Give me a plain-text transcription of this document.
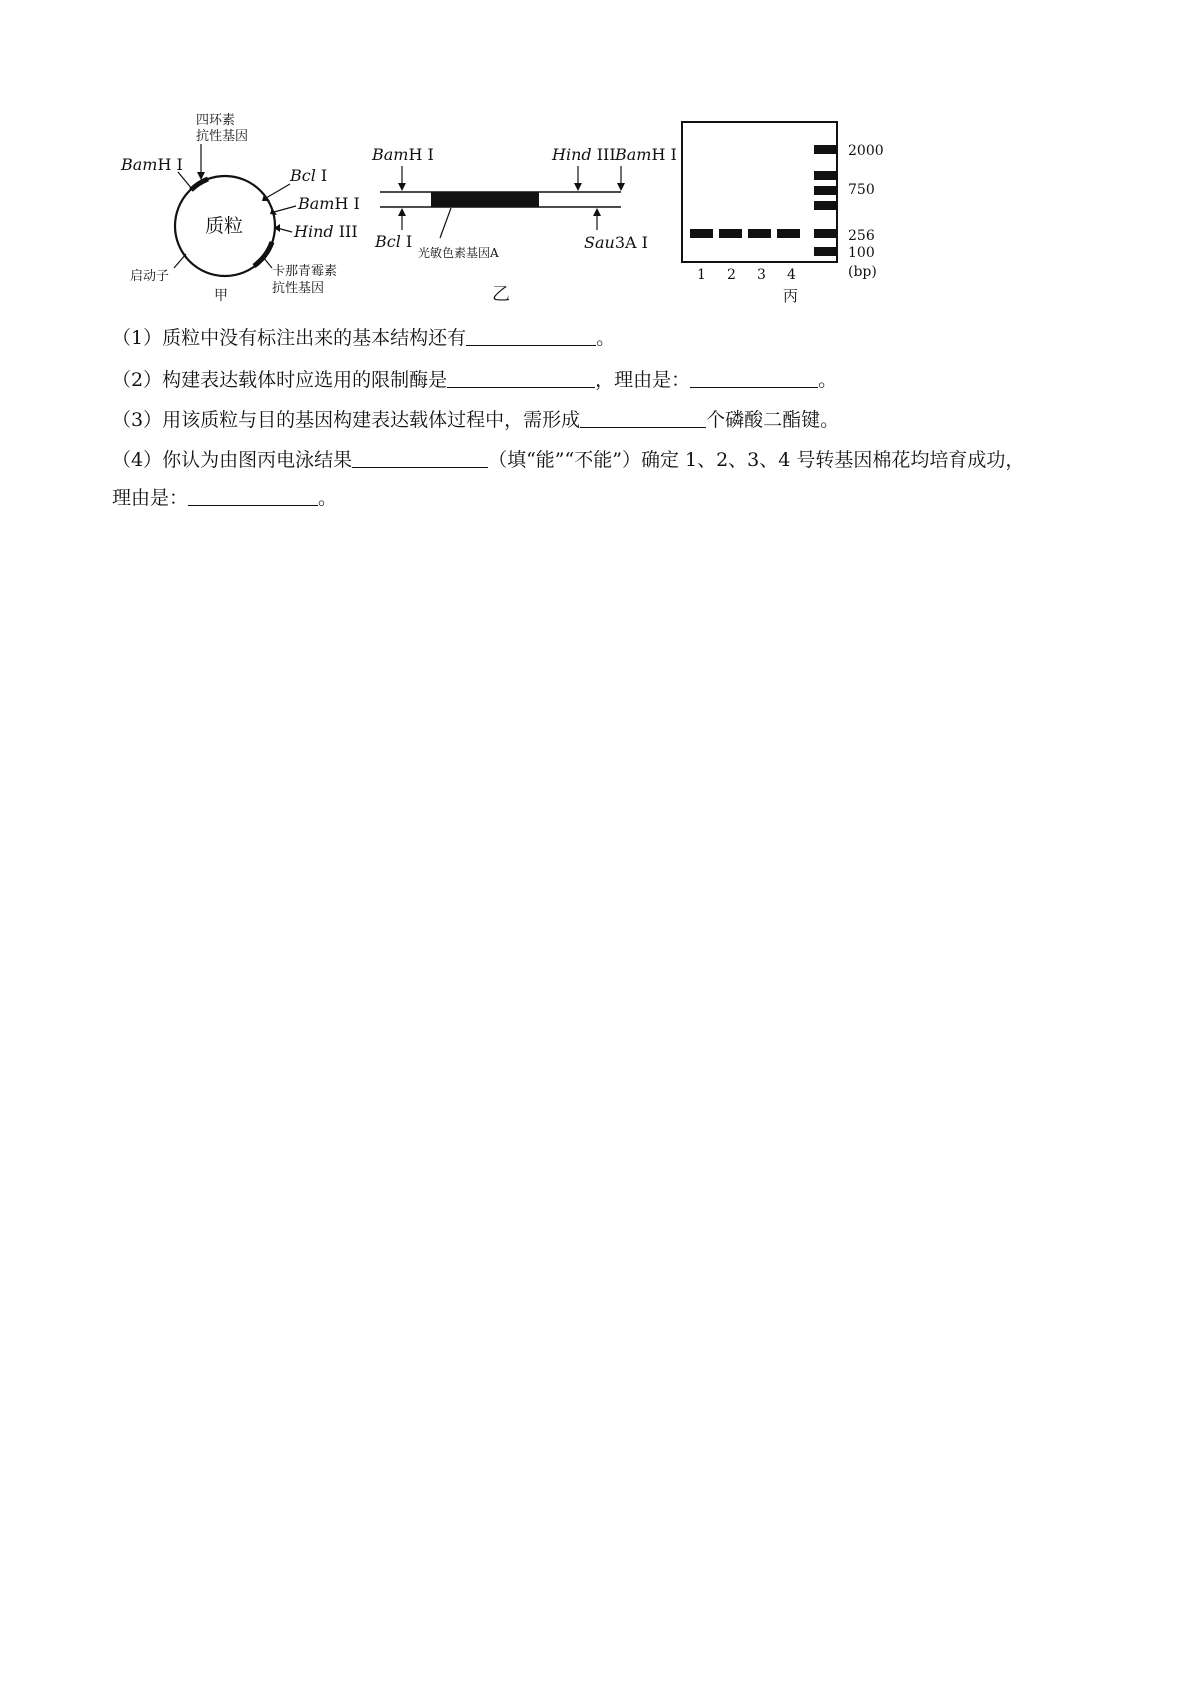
质粒
四环素
抗性基因
BamH I
Bcl I
BamH I
Hind III
启动子	卡那青霉素
抗性基因
甲
BamH I	Hind III BamH I
Bcl I
光敏色素基因A
Sau3A I
乙
2000
750
256
100
(bp)
1 2 3 4
丙
（1）质粒中没有标注出来的基本结构还有	。
（2）构建表达载体时应选用的限制酶是	，理由是：	。
（3）用该质粒与目的基因构建表达载体过程中，需形成	个磷酸二酯键。
（4）你认为由图丙电泳结果	（填“能”“不能”）确定 1、2、3、4 号转基因棉花均培育成功，
理由是：	。
